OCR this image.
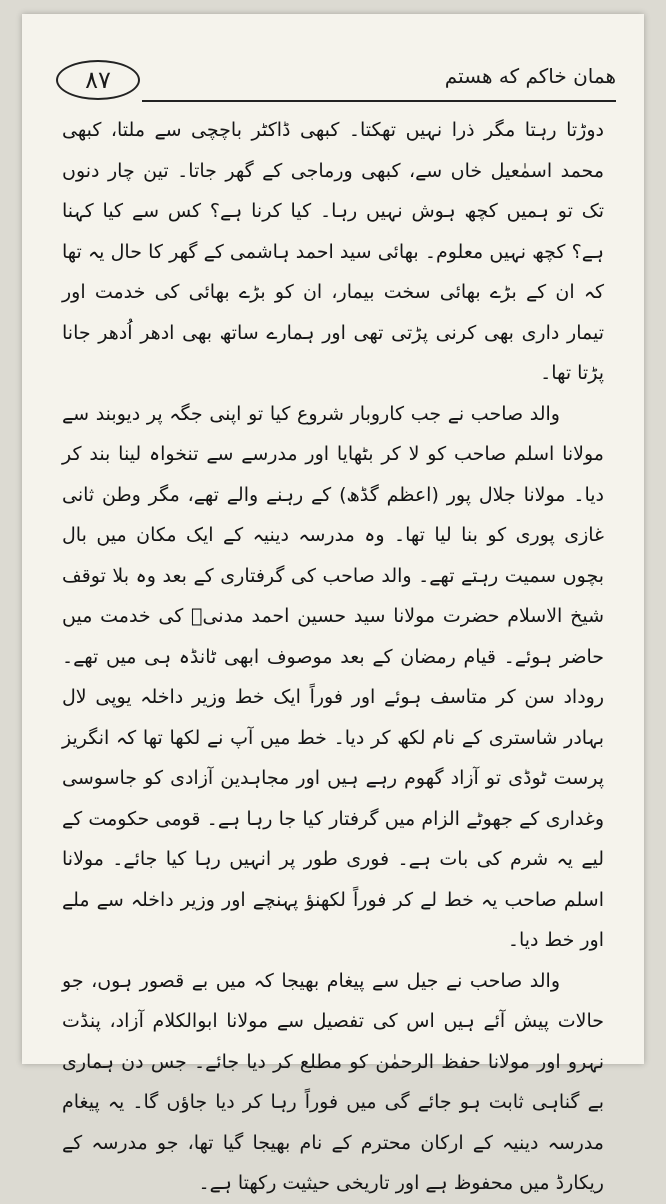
۸۷	همان خاکم که هستم

دوڑتا رہتا مگر ذرا نہیں تھکتا۔ کبھی ڈاکٹر باچچی سے ملتا، کبھی محمد اسمٰعیل خاں سے، کبھی ورماجی کے گھر جاتا۔ تین چار دنوں تک تو ہمیں کچھ ہوش نہیں رہا۔ کیا کرنا ہے؟ کس سے کیا کہنا ہے؟ کچھ نہیں معلوم۔ بھائی سید احمد ہاشمی کے گھر کا حال یہ تھا کہ ان کے بڑے بھائی سخت بیمار، ان کو بڑے بھائی کی خدمت اور تیمار داری بھی کرنی پڑتی تھی اور ہمارے ساتھ بھی ادھر اُدھر جانا پڑتا تھا۔

والد صاحب نے جب کاروبار شروع کیا تو اپنی جگہ پر دیوبند سے مولانا اسلم صاحب کو لا کر بٹھایا اور مدرسے سے تنخواہ لینا بند کر دیا۔ مولانا جلال پور (اعظم گڈھ) کے رہنے والے تھے، مگر وطن ثانی غازی پوری کو بنا لیا تھا۔ وہ مدرسہ دینیہ کے ایک مکان میں بال بچوں سمیت رہتے تھے۔ والد صاحب کی گرفتاری کے بعد وہ بلا توقف شیخ الاسلام حضرت مولانا سید حسین احمد مدنیؒ کی خدمت میں حاضر ہوئے۔ قیام رمضان کے بعد موصوف ابھی ٹانڈہ ہی میں تھے۔ روداد سن کر متاسف ہوئے اور فوراً ایک خط وزیر داخلہ یوپی لال بہادر شاستری کے نام لکھ کر دیا۔ خط میں آپ نے لکھا تھا کہ انگریز پرست ٹوڈی تو آزاد گھوم رہے ہیں اور مجاہدین آزادی کو جاسوسی وغداری کے جھوٹے الزام میں گرفتار کیا جا رہا ہے۔ قومی حکومت کے لیے یہ شرم کی بات ہے۔ فوری طور پر انہیں رہا کیا جائے۔ مولانا اسلم صاحب یہ خط لے کر فوراً لکھنؤ پہنچے اور وزیر داخلہ سے ملے اور خط دیا۔

والد صاحب نے جیل سے پیغام بھیجا کہ میں بے قصور ہوں، جو حالات پیش آئے ہیں اس کی تفصیل سے مولانا ابوالکلام آزاد، پنڈت نہرو اور مولانا حفظ الرحمٰن کو مطلع کر دیا جائے۔ جس دن ہماری بے گناہی ثابت ہو جائے گی میں فوراً رہا کر دیا جاؤں گا۔ یہ پیغام مدرسہ دینیہ کے ارکان محترم کے نام بھیجا گیا تھا، جو مدرسہ کے ریکارڈ میں محفوظ ہے اور تاریخی حیثیت رکھتا ہے۔
